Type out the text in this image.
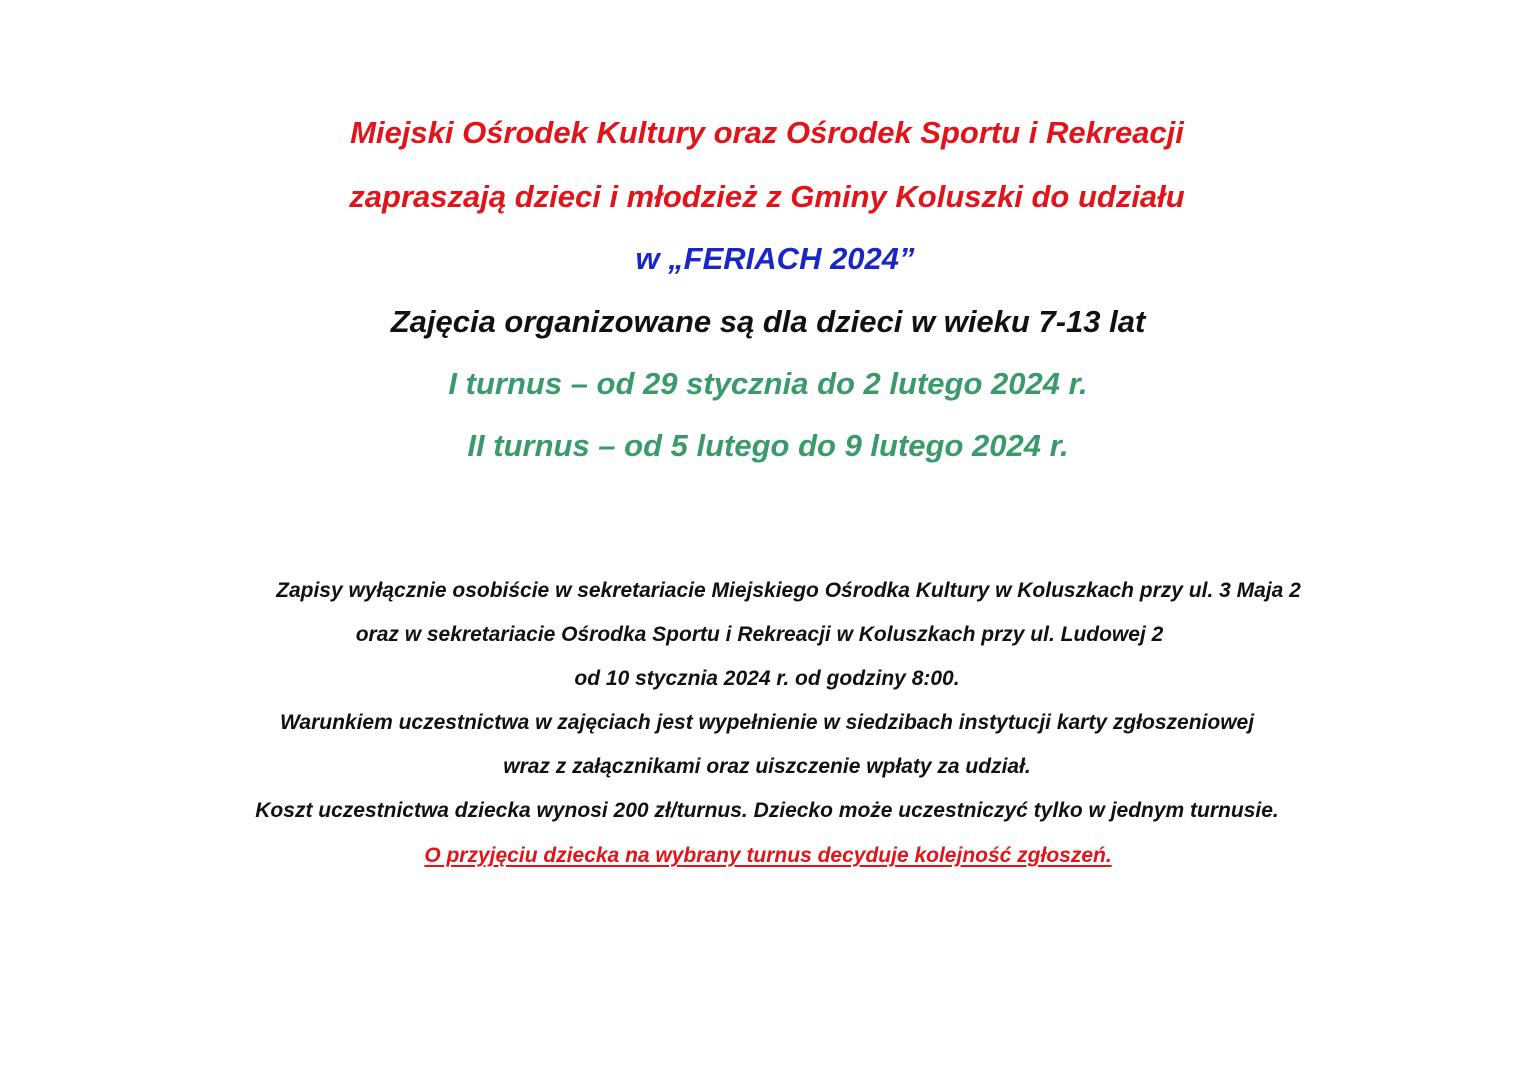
Miejski Ośrodek Kultury oraz Ośrodek Sportu i Rekreacji
zapraszają dzieci i młodzież z Gminy Koluszki do udziału
w „FERIACH 2024”
Zajęcia organizowane są dla dzieci w wieku 7-13 lat
I turnus – od 29 stycznia do 2 lutego 2024 r.
II turnus – od 5 lutego do 9 lutego 2024 r.
Zapisy wyłącznie osobiście w sekretariacie Miejskiego Ośrodka Kultury w Koluszkach przy ul. 3 Maja 2
oraz w sekretariacie Ośrodka Sportu i Rekreacji w Koluszkach przy ul. Ludowej 2
od 10 stycznia 2024 r. od godziny 8:00.
Warunkiem uczestnictwa w zajęciach jest wypełnienie w siedzibach instytucji karty zgłoszeniowej
wraz z załącznikami oraz uiszczenie wpłaty za udział.
Koszt uczestnictwa dziecka wynosi 200 zł/turnus. Dziecko może uczestniczyć tylko w jednym turnusie.
O przyjęciu dziecka na wybrany turnus decyduje kolejność zgłoszeń.
